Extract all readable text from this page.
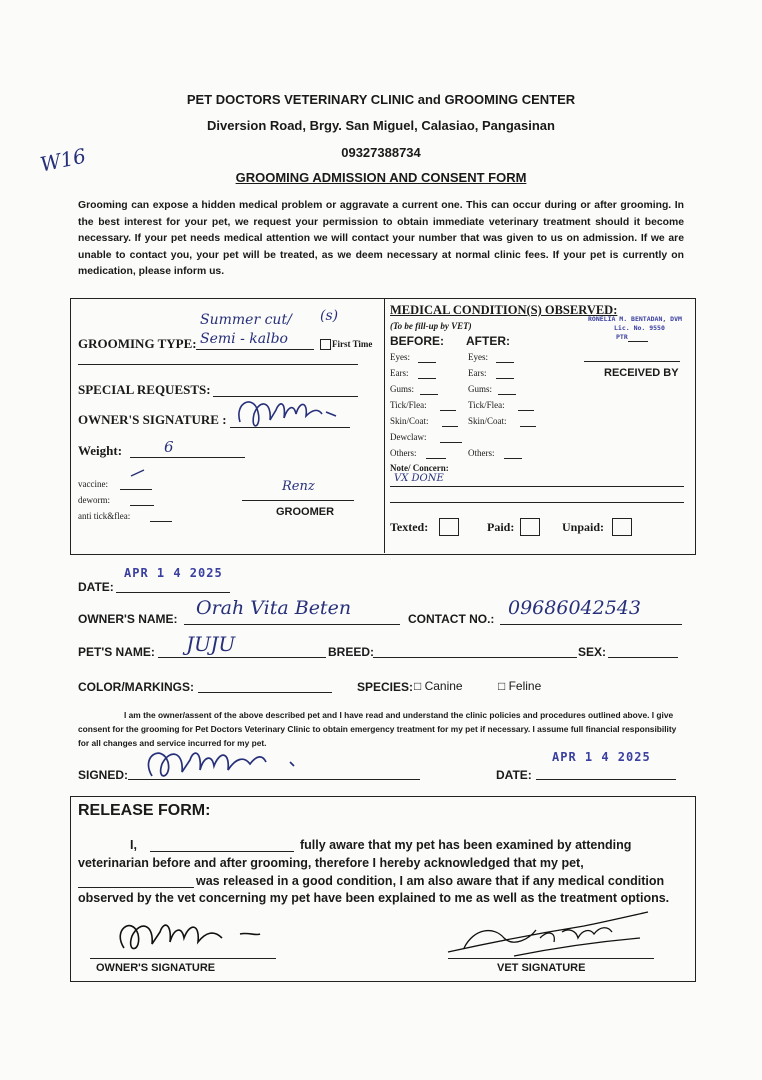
W16
PET DOCTORS VETERINARY CLINIC and GROOMING CENTER
Diversion Road, Brgy. San Miguel, Calasiao, Pangasinan
09327388734
GROOMING ADMISSION AND CONSENT FORM
Grooming can expose a hidden medical problem or aggravate a current one. This can occur during or after grooming. In the best interest for your pet, we request your permission to obtain immediate veterinary treatment should it become necessary. If your pet needs medical attention we will contact your number that was given to us on admission. If we are unable to contact you, your pet will be treated, as we deem necessary at normal clinic fees. If your pet is currently on medication, please inform us.
Summer cut/ (s)
GROOMING TYPE: Semi - kalbo	First Time
SPECIAL REQUESTS:
OWNER'S SIGNATURE :
Weight:	6
vaccine:
deworm:
anti tick&flea:
Renz
GROOMER
MEDICAL CONDITION(S) OBSERVED:
(To be fill-up by VET)
BEFORE: AFTER:
Eyes:	Eyes:
Ears:	Ears:
Gums:	Gums:
Tick/Flea:	Tick/Flea:
Skin/Coat:	Skin/Coat:
Dewclaw:
Others:	Others:
Note/ Concern:
VX DONE
RONELIA M. BENTADAN, DVM
Lic. No. 9550
PTR
RECEIVED BY
Texted:	Paid:	Unpaid:
APR 1 4 2025
DATE:
OWNER'S NAME: Orah Vita Beten	CONTACT NO.: 09686042543
PET'S NAME: JUJU	BREED:	SEX:
COLOR/MARKINGS:	SPECIES: □ Canine	□ Feline
I am the owner/assent of the above described pet and I have read and understand the clinic policies and procedures outlined above. I give consent for the grooming for Pet Doctors Veterinary Clinic to obtain emergency treatment for my pet if necessary. I assume full financial responsibility for all changes and service incurred for my pet.
SIGNED:	DATE:
APR 1 4 2025
RELEASE FORM:
I,	fully aware that my pet has been examined by attending
veterinarian before and after grooming, therefore I hereby acknowledged that my pet,
was released in a good condition, I am also aware that if any medical condition
observed by the vet concerning my pet have been explained to me as well as the treatment options.
OWNER'S SIGNATURE	VET SIGNATURE
